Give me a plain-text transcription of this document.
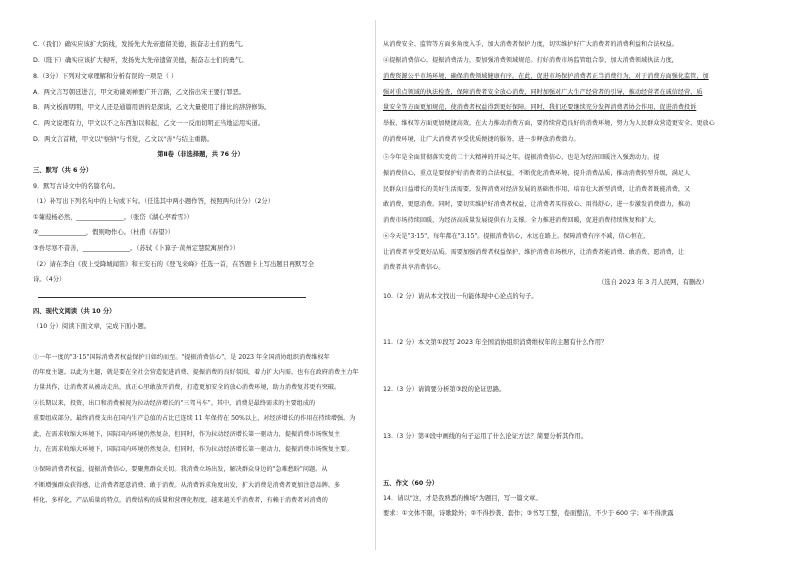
C.（我们）确实应该扩大防线，发扬先大先帝遗留美德，振奋志士们的勇气。
D.（陛下）确实应该扩大视听，发扬先大先帝遗留美德，振奋志士们的勇气。
8.（3分）下列对文章理解和分析有误的一项是（ ）
A．两文言写朝廷进言，甲文劝谏刘禅要广开言路，乙文指出宋王要行罪恶。
B．两文板面明明，甲文人还是通篇用语的是深谈，乙文大量使用了排比的辞辞修饰。
C．两文说理有力，甲文以不之东西加以和起，乙文一一反而切明正当地运用实道。
D．两文言首精，甲文以"察纳"与书党，乙文以"善"与结主重鹅。
第Ⅱ卷（非选择题，共 76 分）
三、默写（共 6 分）
9．默写古诗文中的名篇名句。
（1）补写出下列名句中的上句或下句。（任选其中两小题作答，按照两句计分）（2分）
①蒹葭杨必然，_______________。（张岱《湖心亭看雪》）
②_______________，假则吻作心。（杜甫《春望》）
③吾尽寒不昔善，_______________。（苏轼《卜算子·黄州定慧院寓居作》）
（2）请在李白《夜上受降城闻笛》和王安石的《登飞来峰》任选一首，在答题卡上写出题目再默写全
诗。（4分）
四、现代文阅读（共 10 分）
（10 分）阅读下面文章，完成下面小题。
①一年一度的"3·15"国际消费者权益保护日如约而至。"提振消费信心"，是 2023 年全国消协组织消费维权年
的年度主题。以此为主题，就是要在全社会营造促进消费、提振消费的良好氛围，着力扩大内需，也有在政府消费主力年
力量共作，让消费者从被动走出，真正心里敢放开消费，打造更加安全的放心消费环境，助力消费复苏更有突破。
②长期以来，投资、出口和消费被视为拉动经济增长的"三驾马车"。其中，消费是最终需求的主要组成的
重要组成部分。最终消费支出在国内生产总值的占比已连续 11 年保持在 50%以上，对经济增长的作用在持续增强。为
此，在需求收缩大环境下，国际国内环境仍然复杂，但同时，作为拉动经济增长第一驱动力，提振消费市场恢复主
力，在需求收缩大环境下，国际国内环境仍然复杂，但同时，作为拉动经济增长第一驱动力，提振消费市场恢复主要。
③保障消费者权益，提振消费信心，要聚焦群众关切。我消费立场出发，解决群众身边的"急难愁盼"问题。从
不断增强群众获得感，让消费者愿意消费、敢于消费。从消费诉求角度出发，扩大消费是消费者更加注意品牌、多
样化、多样化，产品质量的特点，消费结构的质量和营理化程度，越来越关乎消费者，有赖于消费者对消费的
从消费安全、监管等方面多角度入手，加大消费者保护力度，切实维护好广大消费者的消费利益和合法权益。
④提振消费信心，提振消费活力，要加强消费领域规范。打好消费市场监管组合拳，加大消费领域执法力度，
消费资源公平市场环境，确保消费领域健康有序。在此，促进市场保护消费者正当消费行为，对于消费方面强化监管，加
强对重点领域的执法检查，保障消费者安全放心消费，同时加强对广大生产经营者的引导，推动经营者在诚信经营、质
量安全等方面更加规范，使消费者权益得到更好保障。同时，我们还要继续充分发挥消费者协会作用，促进消费投诉
举报、维权等方面更加便捷高效。在大力推动消费方面，要持续营造良好的消费环境，努力为人民群众营造更安全、更放心
的消费环境，让广大消费者享受优质便捷的服务，进一步释放消费潜力。
⑤今年是全面贯彻落实党的二十大精神的开局之年。提振消费信心，也是为经济回暖注入强劲动力。提
振消费信心，重点是要保护好消费者的合法权益，不断优化消费环境，提升消费品质，推动消费转型升级，满足人
民群众日益增长的美好生活需要。发挥消费对经济发展的基础性作用，培育壮大新型消费，让消费者既能消费，又
敢消费，更愿消费。同时，要切实维护好消费者权益，让消费者买得放心、用得舒心，进一步激发消费潜力，推动
消费市场持续回暖，为经济高质量发展提供有力支撑。全力推进消费回暖，促进消费持续恢复和扩大。
⑥今天是"3·15"，每年都在"3.15"。提振消费信心，永远在路上。保障消费有序不减，信心恒在，
让消费者享受更好品质。需要加强消费者权益保护，维护消费市场秩序，让消费者能消费、敢消费、愿消费，让
消费者共享消费信心。
（选自 2023 年 3 月人民网，有删改）
10.（2 分）请从本文找出一句能体现中心论点的句子。
11.（2 分）本文第①段写 2023 年全国消协组织消费维权年的主题有什么作用？
12.（3 分）请简要分析第③段的论证思路。
13.（3 分）第④段中画线的句子运用了什么论证方法？简要分析其作用。
五、作文（60 分）
14．请以"这，才是我熟悉的操场"为题目，写一篇文章。
要求：①文体不限，诗歌除外；②不得抄袭、套作；③书写工整，卷面整洁，不少于 600 字；④不得泄露
